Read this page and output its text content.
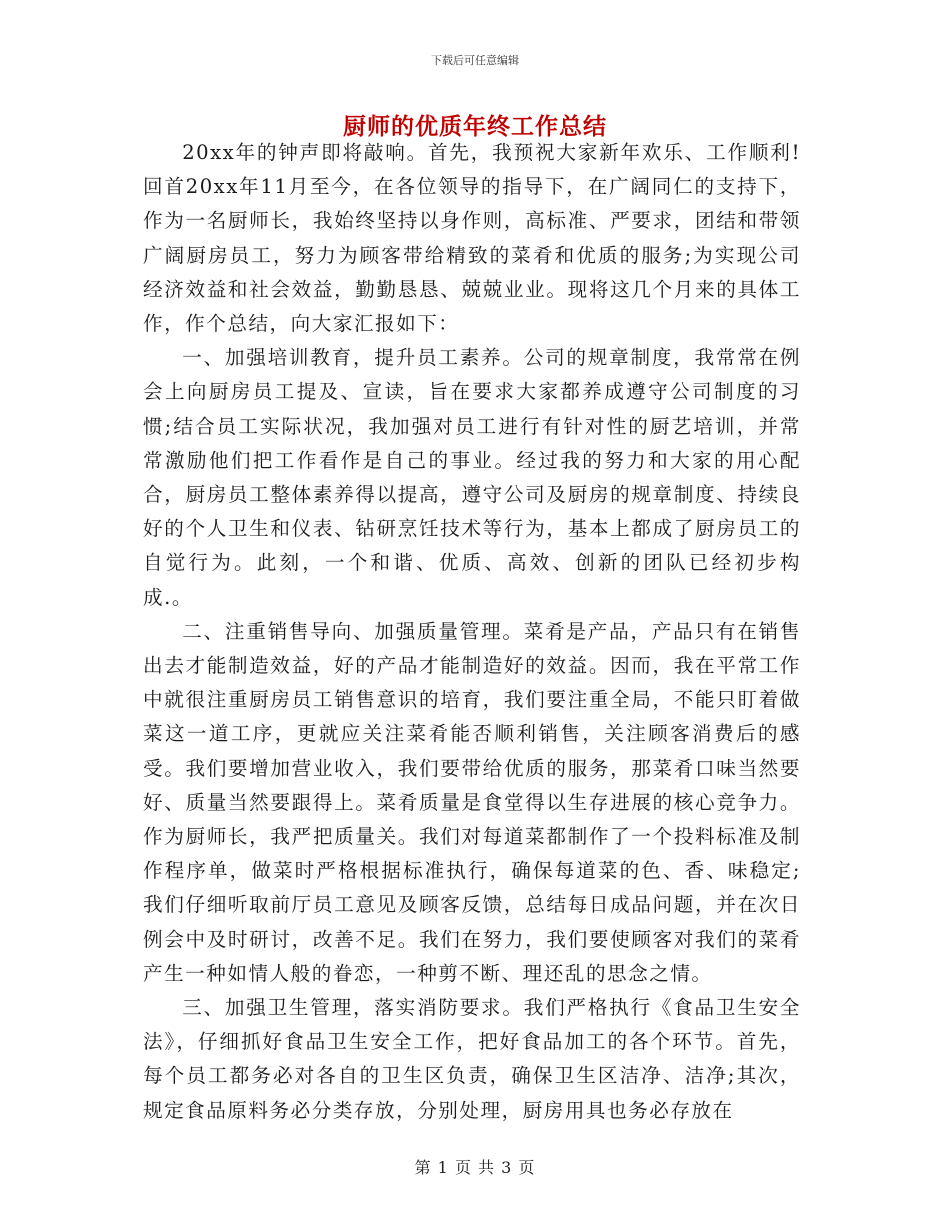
下载后可任意编辑
厨师的优质年终工作总结

20xx年的钟声即将敲响。首先，我预祝大家新年欢乐、工作顺利!回首20xx年11月至今，在各位领导的指导下，在广阔同仁的支持下，作为一名厨师长，我始终坚持以身作则，高标准、严要求，团结和带领广阔厨房员工，努力为顾客带给精致的菜肴和优质的服务;为实现公司经济效益和社会效益，勤勤恳恳、兢兢业业。现将这几个月来的具体工作，作个总结，向大家汇报如下：

一、加强培训教育，提升员工素养。公司的规章制度，我常常在例会上向厨房员工提及、宣读，旨在要求大家都养成遵守公司制度的习惯;结合员工实际状况，我加强对员工进行有针对性的厨艺培训，并常常激励他们把工作看作是自己的事业。经过我的努力和大家的用心配合，厨房员工整体素养得以提高，遵守公司及厨房的规章制度、持续良好的个人卫生和仪表、钻研烹饪技术等行为，基本上都成了厨房员工的自觉行为。此刻，一个和谐、优质、高效、创新的团队已经初步构成.。

二、注重销售导向、加强质量管理。菜肴是产品，产品只有在销售出去才能制造效益，好的产品才能制造好的效益。因而，我在平常工作中就很注重厨房员工销售意识的培育，我们要注重全局，不能只盯着做菜这一道工序，更就应关注菜肴能否顺利销售，关注顾客消费后的感受。我们要增加营业收入，我们要带给优质的服务，那菜肴口味当然要好、质量当然要跟得上。菜肴质量是食堂得以生存进展的核心竞争力。作为厨师长，我严把质量关。我们对每道菜都制作了一个投料标准及制作程序单，做菜时严格根据标准执行，确保每道菜的色、香、味稳定;我们仔细听取前厅员工意见及顾客反馈，总结每日成品问题，并在次日例会中及时研讨，改善不足。我们在努力，我们要使顾客对我们的菜肴产生一种如情人般的眷恋，一种剪不断、理还乱的思念之情。

三、加强卫生管理，落实消防要求。我们严格执行《食品卫生安全法》，仔细抓好食品卫生安全工作，把好食品加工的各个环节。首先，每个员工都务必对各自的卫生区负责，确保卫生区洁净、洁净;其次，规定食品原料务必分类存放，分别处理，厨房用具也务必存放在

第 1 页 共 3 页
